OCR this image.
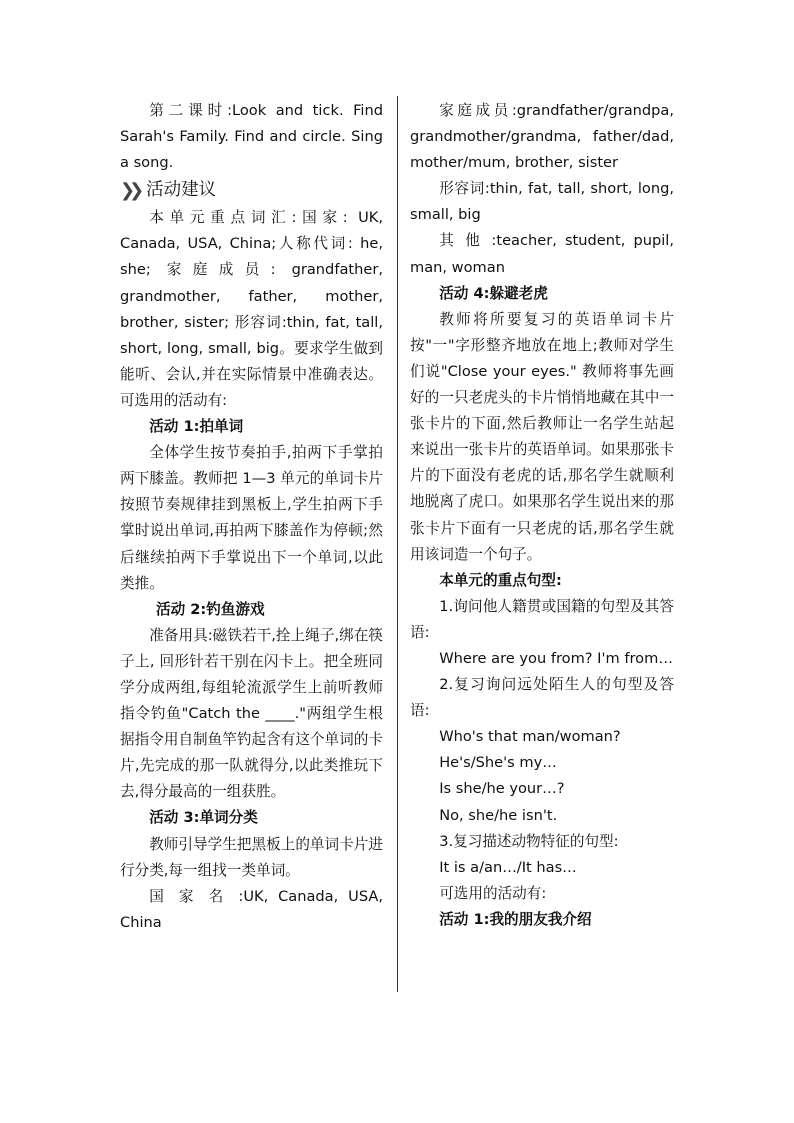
第二课时:Look and tick. Find Sarah's Family. Find and circle. Sing a song.

❯❯ 活动建议

本单元重点词汇:国家: UK, Canada, USA, China;人称代词: he, she; 家庭成员: grandfather, grandmother, father, mother, brother, sister; 形容词:thin, fat, tall, short, long, small, big。要求学生做到能听、会认,并在实际情景中准确表达。可选用的活动有:

活动 1:拍单词

全体学生按节奏拍手,拍两下手掌拍两下膝盖。教师把 1—3 单元的单词卡片按照节奏规律挂到黑板上,学生拍两下手掌时说出单词,再拍两下膝盖作为停顿;然后继续拍两下手掌说出下一个单词,以此类推。

活动 2:钓鱼游戏

准备用具:磁铁若干,拴上绳子,绑在筷子上, 回形针若干别在闪卡上。把全班同学分成两组,每组轮流派学生上前听教师指令钓鱼"Catch the ____."两组学生根据指令用自制鱼竿钓起含有这个单词的卡片,先完成的那一队就得分,以此类推玩下去,得分最高的一组获胜。

活动 3:单词分类

教师引导学生把黑板上的单词卡片进行分类,每一组找一类单词。

国 家 名 :UK, Canada, USA, China

家庭成员:grandfather/grandpa, grandmother/grandma, father/dad, mother/mum, brother, sister

形容词:thin, fat, tall, short, long, small, big

其 他 :teacher, student, pupil, man, woman

活动 4:躲避老虎

教师将所要复习的英语单词卡片按"一"字形整齐地放在地上;教师对学生们说"Close your eyes." 教师将事先画好的一只老虎头的卡片悄悄地藏在其中一张卡片的下面,然后教师让一名学生站起来说出一张卡片的英语单词。如果那张卡片的下面没有老虎的话,那名学生就顺利地脱离了虎口。如果那名学生说出来的那张卡片下面有一只老虎的话,那名学生就用该词造一个句子。

本单元的重点句型:

1.询问他人籍贯或国籍的句型及其答语:

Where are you from? I'm from…

2.复习询问远处陌生人的句型及答语:

Who's that man/woman?

He's/She's my…

Is she/he your…?

No, she/he isn't.

3.复习描述动物特征的句型:

It is a/an…/It has…

可选用的活动有:

活动 1:我的朋友我介绍
